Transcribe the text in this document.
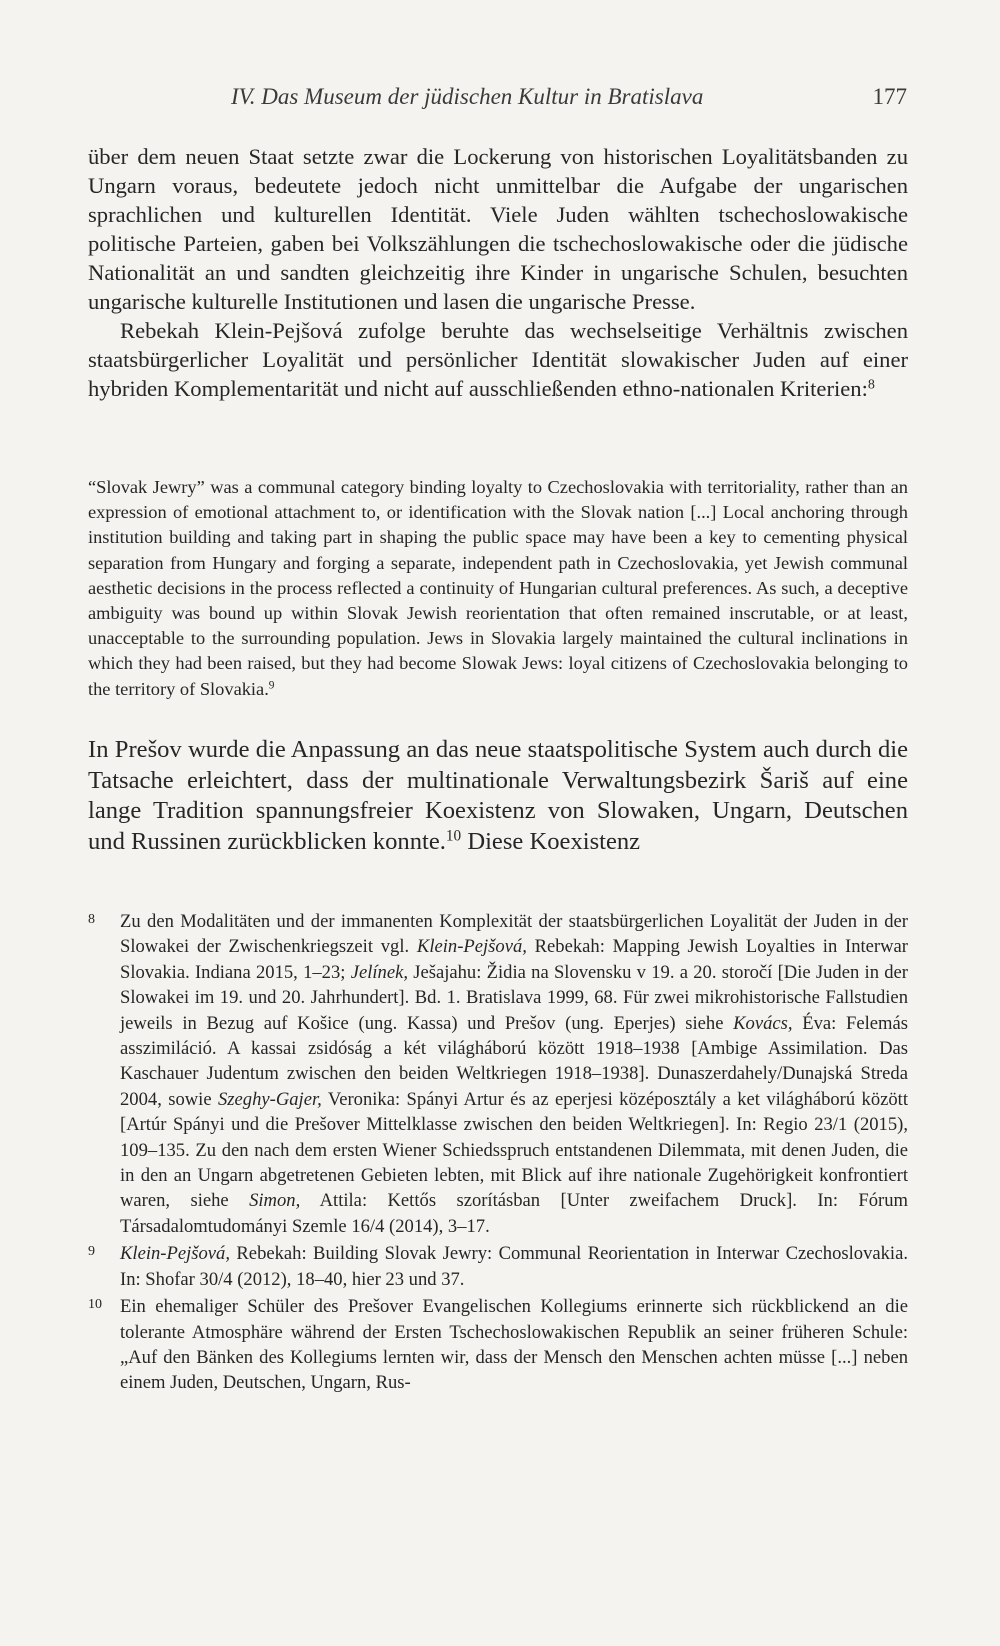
IV. Das Museum der jüdischen Kultur in Bratislava	177

über dem neuen Staat setzte zwar die Lockerung von historischen Loyalitätsbanden zu Ungarn voraus, bedeutete jedoch nicht unmittelbar die Aufgabe der ungarischen sprachlichen und kulturellen Identität. Viele Juden wählten tschechoslowakische politische Parteien, gaben bei Volkszählungen die tschechoslowakische oder die jüdische Nationalität an und sandten gleichzeitig ihre Kinder in ungarische Schulen, besuchten ungarische kulturelle Institutionen und lasen die ungarische Presse.

Rebekah Klein-Pejšová zufolge beruhte das wechselseitige Verhältnis zwischen staatsbürgerlicher Loyalität und persönlicher Identität slowakischer Juden auf einer hybriden Komplementarität und nicht auf ausschließenden ethno-nationalen Kriterien:$^8$

“Slovak Jewry” was a communal category binding loyalty to Czechoslovakia with territoriality, rather than an expression of emotional attachment to, or identification with the Slovak nation [...] Local anchoring through institution building and taking part in shaping the public space may have been a key to cementing physical separation from Hungary and forging a separate, independent path in Czechoslovakia, yet Jewish communal aesthetic decisions in the process reflected a continuity of Hungarian cultural preferences. As such, a deceptive ambiguity was bound up within Slovak Jewish reorientation that often remained inscrutable, or at least, unacceptable to the surrounding population. Jews in Slovakia largely maintained the cultural inclinations in which they had been raised, but they had become Slowak Jews: loyal citizens of Czechoslovakia belonging to the territory of Slovakia.$^9$

In Prešov wurde die Anpassung an das neue staatspolitische System auch durch die Tatsache erleichtert, dass der multinationale Verwaltungsbezirk Šariš auf eine lange Tradition spannungsfreier Koexistenz von Slowaken, Ungarn, Deutschen und Russinen zurückblicken konnte.$^{10}$ Diese Koexistenz

8 Zu den Modalitäten und der immanenten Komplexität der staatsbürgerlichen Loyalität der Juden in der Slowakei der Zwischenkriegszeit vgl. Klein-Pejšová, Rebekah: Mapping Jewish Loyalties in Interwar Slovakia. Indiana 2015, 1–23; Jelínek, Ješajahu: Židia na Slovensku v 19. a 20. storočí [Die Juden in der Slowakei im 19. und 20. Jahrhundert]. Bd. 1. Bratislava 1999, 68. Für zwei mikrohistorische Fallstudien jeweils in Bezug auf Košice (ung. Kassa) und Prešov (ung. Eperjes) siehe Kovács, Éva: Felemás asszimiláció. A kassai zsidóság a két világháború között 1918–1938 [Ambige Assimilation. Das Kaschauer Judentum zwischen den beiden Weltkriegen 1918–1938]. Dunaszerdahely/Dunajská Streda 2004, sowie Szeghy-Gajer, Veronika: Spányi Artur és az eperjesi középosztály a ket világháború között [Artúr Spányi und die Prešover Mittelklasse zwischen den beiden Weltkriegen]. In: Regio 23/1 (2015), 109–135. Zu den nach dem ersten Wiener Schiedsspruch entstandenen Dilemmata, mit denen Juden, die in den an Ungarn abgetretenen Gebieten lebten, mit Blick auf ihre nationale Zugehörigkeit konfrontiert waren, siehe Simon, Attila: Kettős szorításban [Unter zweifachem Druck]. In: Fórum Társadalomtudományi Szemle 16/4 (2014), 3–17.
9 Klein-Pejšová, Rebekah: Building Slovak Jewry: Communal Reorientation in Interwar Czechoslovakia. In: Shofar 30/4 (2012), 18–40, hier 23 und 37.
10 Ein ehemaliger Schüler des Prešover Evangelischen Kollegiums erinnerte sich rückblickend an die tolerante Atmosphäre während der Ersten Tschechoslowakischen Republik an seiner früheren Schule: „Auf den Bänken des Kollegiums lernten wir, dass der Mensch den Menschen achten müsse [...] neben einem Juden, Deutschen, Ungarn, Rus-
